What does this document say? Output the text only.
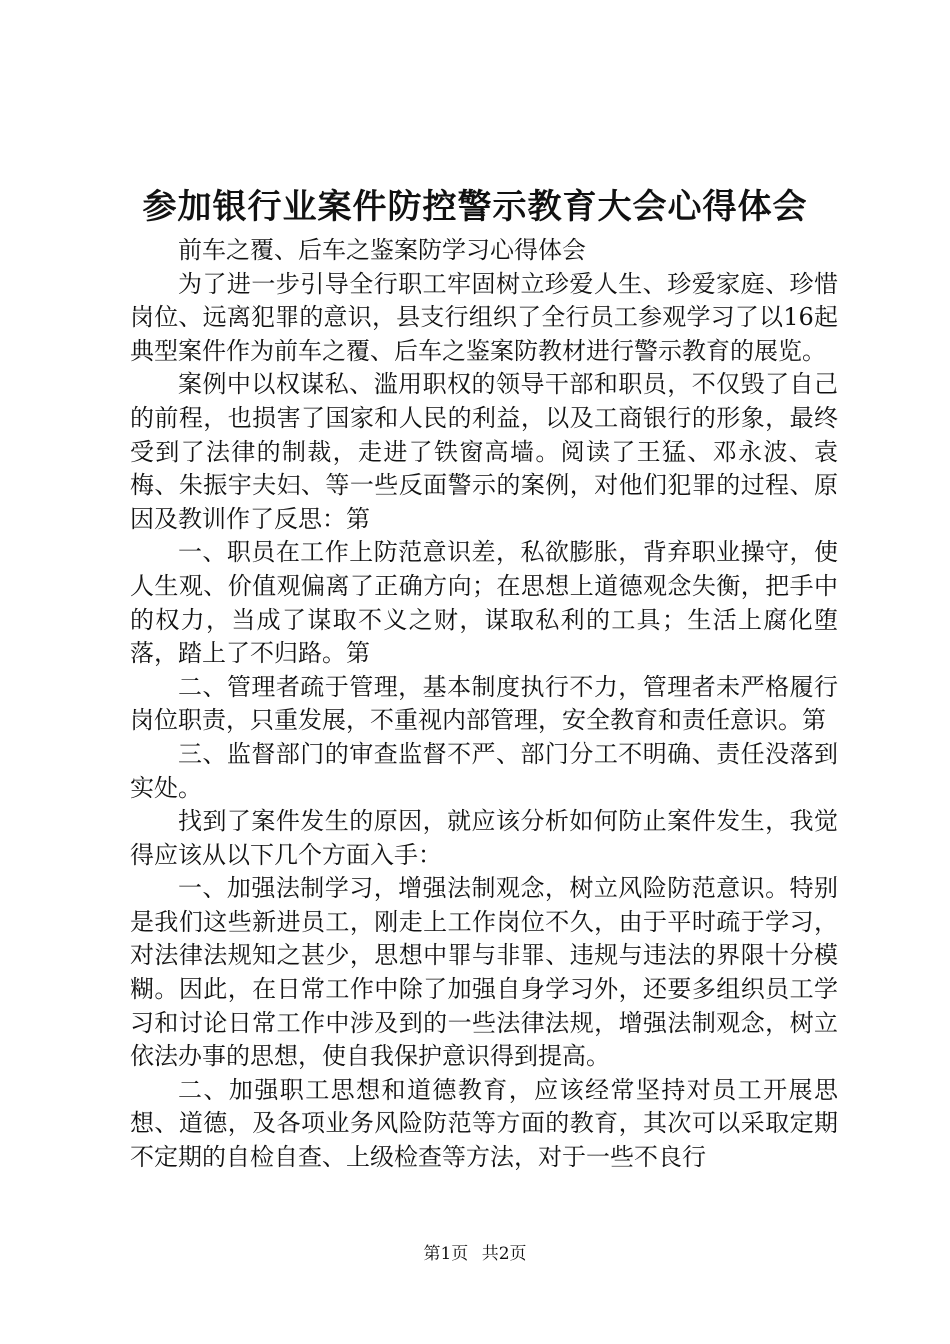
参加银行业案件防控警示教育大会心得体会

前车之覆、后车之鉴案防学习心得体会

为了进一步引导全行职工牢固树立珍爱人生、珍爱家庭、珍惜岗位、远离犯罪的意识，县支行组织了全行员工参观学习了以16起典型案件作为前车之覆、后车之鉴案防教材进行警示教育的展览。

案例中以权谋私、滥用职权的领导干部和职员，不仅毁了自己的前程，也损害了国家和人民的利益，以及工商银行的形象，最终受到了法律的制裁，走进了铁窗高墙。阅读了王猛、邓永波、袁梅、朱振宇夫妇、等一些反面警示的案例，对他们犯罪的过程、原因及教训作了反思：第

一、职员在工作上防范意识差，私欲膨胀，背弃职业操守，使人生观、价值观偏离了正确方向；在思想上道德观念失衡，把手中的权力，当成了谋取不义之财，谋取私利的工具；生活上腐化堕落，踏上了不归路。第

二、管理者疏于管理，基本制度执行不力，管理者未严格履行岗位职责，只重发展，不重视内部管理，安全教育和责任意识。第

三、监督部门的审查监督不严、部门分工不明确、责任没落到实处。

找到了案件发生的原因，就应该分析如何防止案件发生，我觉得应该从以下几个方面入手：

一、加强法制学习，增强法制观念，树立风险防范意识。特别是我们这些新进员工，刚走上工作岗位不久，由于平时疏于学习，对法律法规知之甚少，思想中罪与非罪、违规与违法的界限十分模糊。因此，在日常工作中除了加强自身学习外，还要多组织员工学习和讨论日常工作中涉及到的一些法律法规，增强法制观念，树立依法办事的思想，使自我保护意识得到提高。

二、加强职工思想和道德教育，应该经常坚持对员工开展思想、道德，及各项业务风险防范等方面的教育，其次可以采取定期不定期的自检自查、上级检查等方法，对于一些不良行

第1页 共2页
